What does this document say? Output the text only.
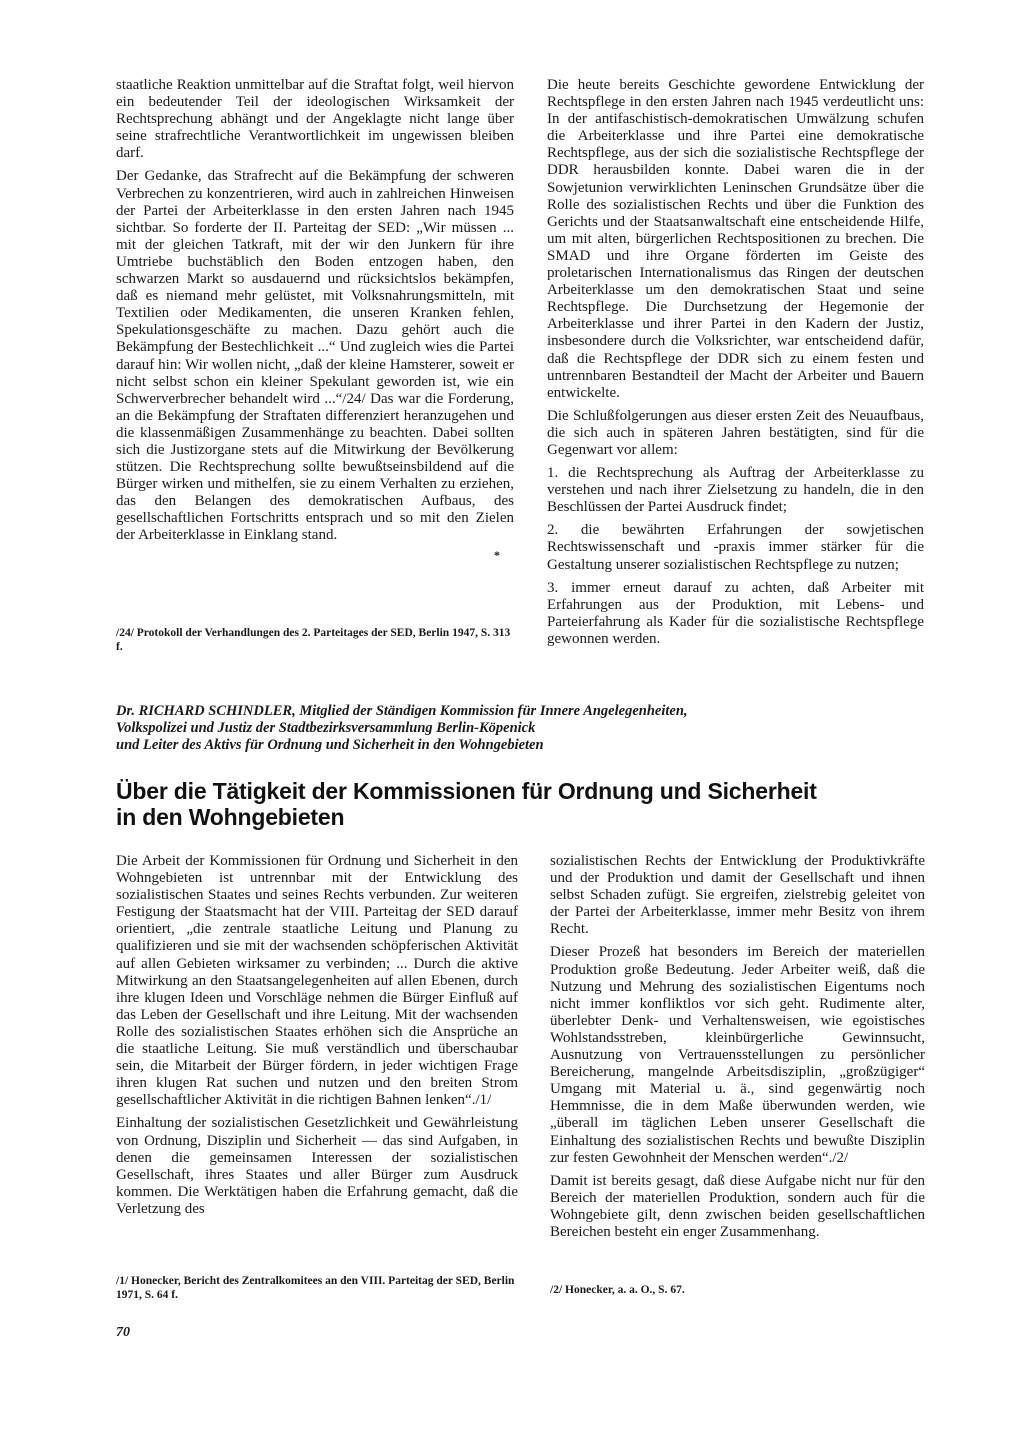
staatliche Reaktion unmittelbar auf die Straftat folgt, weil hiervon ein bedeutender Teil der ideologischen Wirksamkeit der Rechtsprechung abhängt und der Angeklagte nicht lange über seine strafrechtliche Verantwortlichkeit im ungewissen bleiben darf.

Der Gedanke, das Strafrecht auf die Bekämpfung der schweren Verbrechen zu konzentrieren, wird auch in zahlreichen Hinweisen der Partei der Arbeiterklasse in den ersten Jahren nach 1945 sichtbar. So forderte der II. Parteitag der SED: „Wir müssen ... mit der gleichen Tatkraft, mit der wir den Junkern für ihre Umtriebe buchstäblich den Boden entzogen haben, den schwarzen Markt so ausdauernd und rücksichtslos bekämpfen, daß es niemand mehr gelüstet, mit Volksnahrungsmitteln, mit Textilien oder Medikamenten, die unseren Kranken fehlen, Spekulationsgeschäfte zu machen. Dazu gehört auch die Bekämpfung der Bestechlichkeit ...“ Und zugleich wies die Partei darauf hin: Wir wollen nicht, „daß der kleine Hamsterer, soweit er nicht selbst schon ein kleiner Spekulant geworden ist, wie ein Schwerverbrecher behandelt wird ...“/24/ Das war die Forderung, an die Bekämpfung der Straftaten differenziert heranzugehen und die klassenmäßigen Zusammenhänge zu beachten. Dabei sollten sich die Justizorgane stets auf die Mitwirkung der Bevölkerung stützen. Die Rechtsprechung sollte bewußtseinsbildend auf die Bürger wirken und mithelfen, sie zu einem Verhalten zu erziehen, das den Belangen des demokratischen Aufbaus, des gesellschaftlichen Fortschritts entsprach und so mit den Zielen der Arbeiterklasse in Einklang stand.

*
/24/ Protokoll der Verhandlungen des 2. Parteitages der SED, Berlin 1947, S. 313 f.

Die heute bereits Geschichte gewordene Entwicklung der Rechtspflege in den ersten Jahren nach 1945 verdeutlicht uns: In der antifaschistisch-demokratischen Umwälzung schufen die Arbeiterklasse und ihre Partei eine demokratische Rechtspflege, aus der sich die sozialistische Rechtspflege der DDR herausbilden konnte. Dabei waren die in der Sowjetunion verwirklichten Leninschen Grundsätze über die Rolle des sozialistischen Rechts und über die Funktion des Gerichts und der Staatsanwaltschaft eine entscheidende Hilfe, um mit alten, bürgerlichen Rechtspositionen zu brechen. Die SMAD und ihre Organe förderten im Geiste des proletarischen Internationalismus das Ringen der deutschen Arbeiterklasse um den demokratischen Staat und seine Rechtspflege. Die Durchsetzung der Hegemonie der Arbeiterklasse und ihrer Partei in den Kadern der Justiz, insbesondere durch die Volksrichter, war entscheidend dafür, daß die Rechtspflege der DDR sich zu einem festen und untrennbaren Bestandteil der Macht der Arbeiter und Bauern entwickelte.

Die Schlußfolgerungen aus dieser ersten Zeit des Neuaufbaus, die sich auch in späteren Jahren bestätigten, sind für die Gegenwart vor allem:

1. die Rechtsprechung als Auftrag der Arbeiterklasse zu verstehen und nach ihrer Zielsetzung zu handeln, die in den Beschlüssen der Partei Ausdruck findet;

2. die bewährten Erfahrungen der sowjetischen Rechtswissenschaft und -praxis immer stärker für die Gestaltung unserer sozialistischen Rechtspflege zu nutzen;

3. immer erneut darauf zu achten, daß Arbeiter mit Erfahrungen aus der Produktion, mit Lebens- und Parteierfahrung als Kader für die sozialistische Rechtspflege gewonnen werden.

Dr. RICHARD SCHINDLER, Mitglied der Ständigen Kommission für Innere Angelegenheiten,
Volkspolizei und Justiz der Stadtbezirksversammlung Berlin-Köpenick
und Leiter des Aktivs für Ordnung und Sicherheit in den Wohngebieten
Über die Tätigkeit der Kommissionen für Ordnung und Sicherheit
in den Wohngebieten

Die Arbeit der Kommissionen für Ordnung und Sicherheit in den Wohngebieten ist untrennbar mit der Entwicklung des sozialistischen Staates und seines Rechts verbunden. Zur weiteren Festigung der Staatsmacht hat der VIII. Parteitag der SED darauf orientiert, „die zentrale staatliche Leitung und Planung zu qualifizieren und sie mit der wachsenden schöpferischen Aktivität auf allen Gebieten wirksamer zu verbinden; ... Durch die aktive Mitwirkung an den Staatsangelegenheiten auf allen Ebenen, durch ihre klugen Ideen und Vorschläge nehmen die Bürger Einfluß auf das Leben der Gesellschaft und ihre Leitung. Mit der wachsenden Rolle des sozialistischen Staates erhöhen sich die Ansprüche an die staatliche Leitung. Sie muß verständlich und überschaubar sein, die Mitarbeit der Bürger fördern, in jeder wichtigen Frage ihren klugen Rat suchen und nutzen und den breiten Strom gesellschaftlicher Aktivität in die richtigen Bahnen lenken“./1/

Einhaltung der sozialistischen Gesetzlichkeit und Gewährleistung von Ordnung, Disziplin und Sicherheit — das sind Aufgaben, in denen die gemeinsamen Interessen der sozialistischen Gesellschaft, ihres Staates und aller Bürger zum Ausdruck kommen. Die Werktätigen haben die Erfahrung gemacht, daß die Verletzung des

/1/ Honecker, Bericht des Zentralkomitees an den VIII. Parteitag der SED, Berlin 1971, S. 64 f.

sozialistischen Rechts der Entwicklung der Produktivkräfte und der Produktion und damit der Gesellschaft und ihnen selbst Schaden zufügt. Sie ergreifen, zielstrebig geleitet von der Partei der Arbeiterklasse, immer mehr Besitz von ihrem Recht.

Dieser Prozeß hat besonders im Bereich der materiellen Produktion große Bedeutung. Jeder Arbeiter weiß, daß die Nutzung und Mehrung des sozialistischen Eigentums noch nicht immer konfliktlos vor sich geht. Rudimente alter, überlebter Denk- und Verhaltensweisen, wie egoistisches Wohlstandsstreben, kleinbürgerliche Gewinnsucht, Ausnutzung von Vertrauensstellungen zu persönlicher Bereicherung, mangelnde Arbeitsdisziplin, „großzügiger“ Umgang mit Material u. ä., sind gegenwärtig noch Hemmnisse, die in dem Maße überwunden werden, wie „überall im täglichen Leben unserer Gesellschaft die Einhaltung des sozialistischen Rechts und bewußte Disziplin zur festen Gewohnheit der Menschen werden“./2/

Damit ist bereits gesagt, daß diese Aufgabe nicht nur für den Bereich der materiellen Produktion, sondern auch für die Wohngebiete gilt, denn zwischen beiden gesellschaftlichen Bereichen besteht ein enger Zusammenhang.

/2/ Honecker, a. a. O., S. 67.
70
